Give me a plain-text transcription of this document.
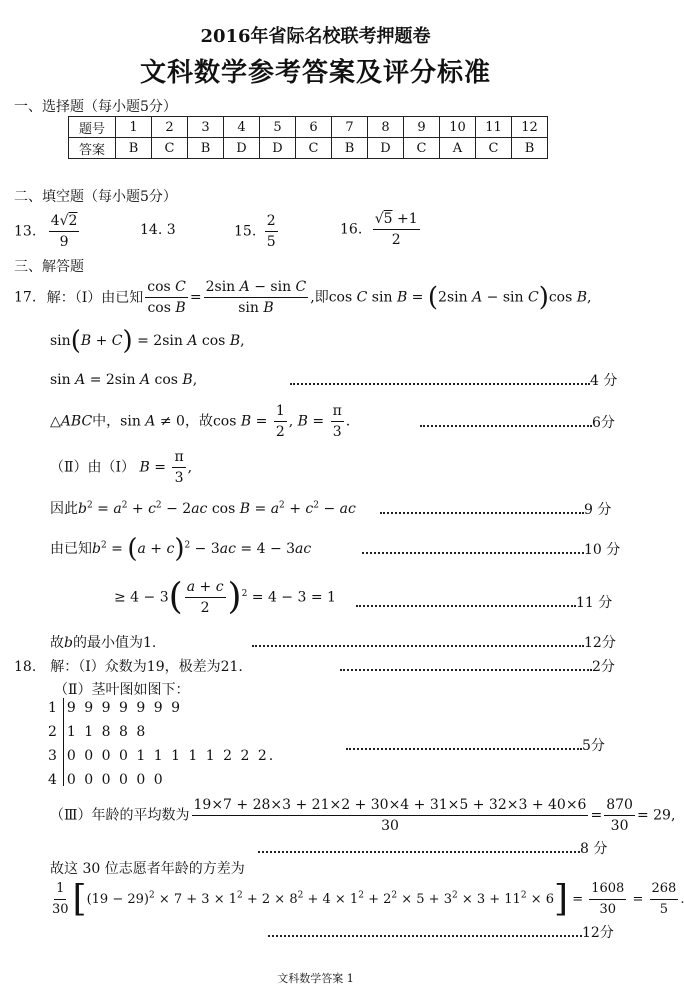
2016年省际名校联考押题卷
文科数学参考答案及评分标准
一、选择题（每小题5分）
题号	1	2	3	4	5	6	7	8	9	10	11	12
答案	B	C	B	D	D	C	B	D	C	A	C	B
二、填空题（每小题5分）
13. $\frac{4√2}{9}$	14. 3	15. $\frac{2}{5}$	16. $\frac{√5 +1}{2}$
三、解答题
17. 解：（Ⅰ）由已知 $\frac{\text{cos C}}{\text{cos B}} = \frac{\text{2sin A − sin C}}{\text{sin B}}$ ,即cos C sin B = (2sin A − sin C)cos B,
sin(B + C) = 2sin A cos B,
sin A = 2sin A cos B,	4 分
△ABC中，sin A ≠ 0，故$\cos B = \frac{1}{2}$ , $B = \frac{\pi}{3}$ .	6分
（Ⅱ）由（Ⅰ） $B = \frac{\pi}{3}$ ,
因此$b^2 = a^2 + c^2 - 2ac$ $\cos B = a^2 + c^2$ − ac	9 分
由已知$b^2 = (a + c)^2 - 3ac = 4 - 3ac$	10 分
≥ $4 - 3( \frac{a + c}{2} )^2 = 4 - 3 = 1$	11 分
故b的最小值为1.	12分
18. 解：（Ⅰ）众数为19，极差为21.	2分
（Ⅱ）茎叶图如图下：
1 9 9 9 9 9 9 9
2 1 1 8 8 8
3 0 0 0 0 1 1 1 1 1 2 2 2.
4 0 0 0 0 0 0
5分
（Ⅲ）年龄的平均数为 $\frac{19\times 7 + 28\times 3 + 21\times 2 + 30\times 4 + 31\times 5 + 32\times 3 + 40\times 6}{30} = \frac{870}{30} = 29$,
8 分
故这 30 位志愿者年龄的方差为
$\frac{1}{30} [(19 - 29)^2 \times 7 + 3 \times 1^2 + 2 \times 8^2 + 4 \times 1^2 + 2^2 \times 5 + 3^2 \times 3 + 11^2 \times 6] = \frac{1608}{30} = \frac{268}{5}$
12分
文科数学答案 1
